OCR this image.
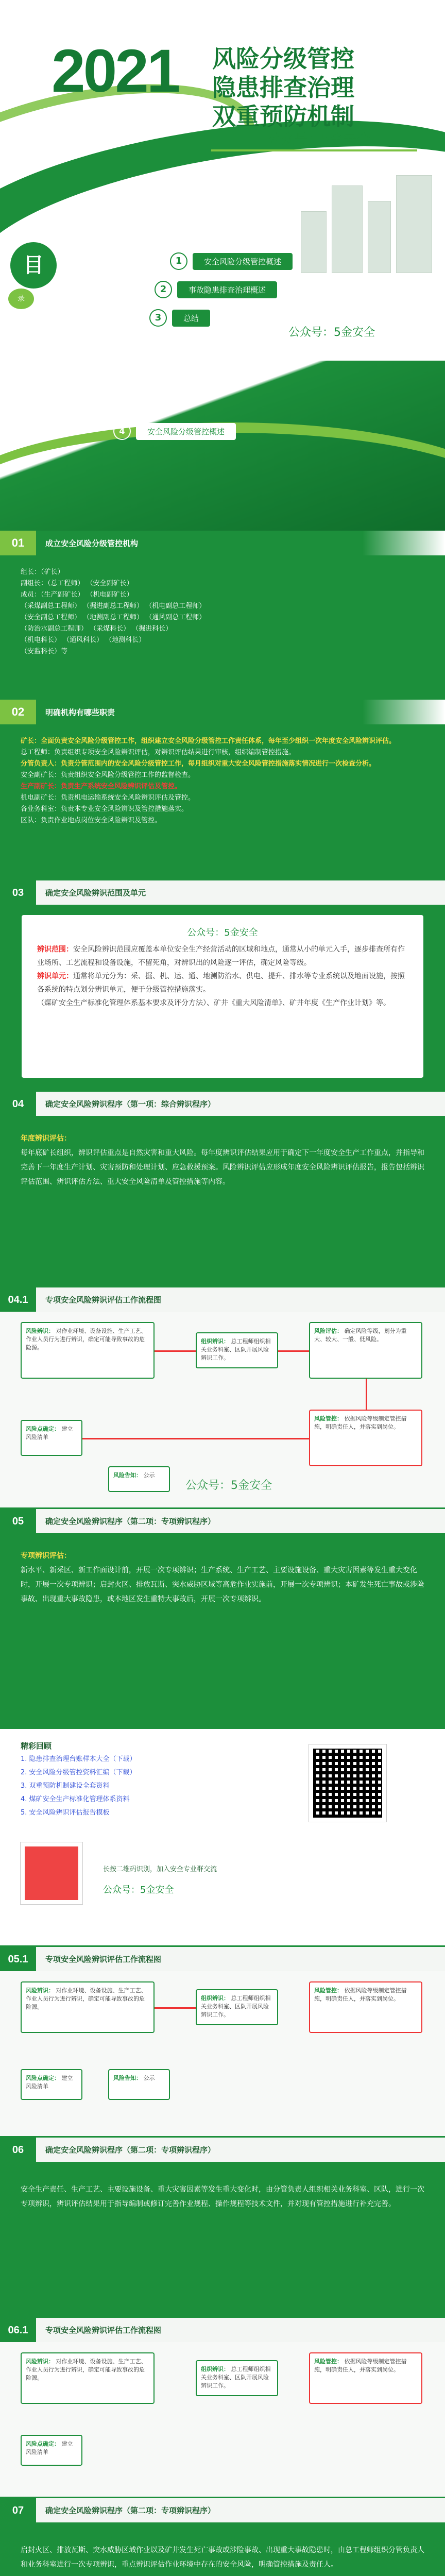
2021 风险分级管控
隐患排查治理
双重预防机制
公众号：5金安全
目
录
1	安全风险分级管控概述
2	事故隐患排查治理概述
3	总结
公众号：5金安全
4	安全风险分级管控概述
01	成立安全风险分级管控机构
组长：（矿长）
副组长：（总工程师） （安全副矿长）
成员：（生产副矿长） （机电副矿长）
（采煤副总工程师） （掘进副总工程师） （机电副总工程师）
（安全副总工程师） （地测副总工程师） （通风副总工程师）
（防治水副总工程师） （采煤科长） （掘进科长）
（机电科长） （通风科长） （地测科长）
（安监科长）等
02	明确机构有哪些职责
矿长：全面负责安全风险分级管控工作，组织建立安全风险分级管控工作责任体系，每年至少组织一次年度安全风险辨识评估。
总工程师：负责组织专项安全风险辨识评估，对辨识评估结果进行审核，组织编制管控措施。
分管负责人：负责分管范围内的安全风险分级管控工作，每月组织对重大安全风险管控措施落实情况进行一次检查分析。
安全副矿长：负责组织安全风险分级管控工作的监督检查。
生产副矿长：负责生产系统安全风险辨识评估及管控。
机电副矿长：负责机电运输系统安全风险辨识评估及管控。
各业务科室：负责本专业安全风险辨识及管控措施落实。
区队：负责作业地点岗位安全风险辨识及管控。
03	确定安全风险辨识范围及单元
公众号：5金安全
辨识范围：安全风险辨识范围应覆盖本单位安全生产经营活动的区域和地点，通常从小的单元入手，逐步排查所有作业场所、工艺流程和设备设施，不留死角，对辨识出的风险逐一评估，确定风险等级。
辨识单元：通常将单元分为：采、掘、机、运、通、地测防治水、供电、提升、排水等专业系统以及地面设施，按照各系统的特点划分辨识单元，便于分级管控措施落实。
（煤矿安全生产标准化管理体系基本要求及评分方法）、矿井《重大风险清单》、矿井年度《生产作业计划》等。
04	确定安全风险辨识程序（第一项：综合辨识程序）
年度辨识评估：
每年底矿长组织，辨识评估重点是自然灾害和重大风险。每年度辨识评估结果应用于确定下一年度安全生产工作重点，并指导和完善下一年度生产计划、灾害预防和处理计划、应急救援预案。风险辨识评估应形成年度安全风险辨识评估报告，报告包括辨识评估范围、辨识评估方法、重大安全风险清单及管控措施等内容。
04.1	专项安全风险辨识评估工作流程图
风险辨识： 对作业环境、设备设施、生产工艺、作业人员行为进行辨识，确定可能导致事故的危险源。
组织辨识： 总工程师组织相关业务科室、区队开展风险辨识工作。
风险评估： 确定风险等级，划分为重大、较大、一般、低风险。
风险管控： 依据风险等级制定管控措施，明确责任人，并落实到岗位。
风险点确定： 建立风险清单
风险告知： 公示
公众号：5金安全
05	确定安全风险辨识程序（第二项：专项辨识程序）
专项辨识评估：
新水平、新采区、新工作面设计前，开展一次专项辨识；生产系统、生产工艺、主要设施设备、重大灾害因素等发生重大变化时，开展一次专项辨识；启封火区、排放瓦斯、突水威胁区域等高危作业实施前，开展一次专项辨识；本矿发生死亡事故或涉险事故、出现重大事故隐患，或本地区发生重特大事故后，开展一次专项辨识。
精彩回顾
1. 隐患排查治理台账样本大全（下载）
2. 安全风险分级管控资料汇编（下载）
3. 双重预防机制建设全套资料
4. 煤矿安全生产标准化管理体系资料
5. 安全风险辨识评估报告模板
长按二维码识别，加入安全专业群交流
公众号：5金安全
05.1	专项安全风险辨识评估工作流程图
风险辨识： 对作业环境、设备设施、生产工艺、作业人员行为进行辨识，确定可能导致事故的危险源。
组织辨识： 总工程师组织相关业务科室、区队开展风险辨识工作。
风险管控： 依据风险等级制定管控措施，明确责任人，并落实到岗位。
风险点确定： 建立风险清单
风险告知： 公示
06	确定安全风险辨识程序（第二项：专项辨识程序）
安全生产责任、生产工艺、主要设施设备、重大灾害因素等发生重大变化时，由分管负责人组织相关业务科室、区队，进行一次专项辨识，辨识评估结果用于指导编制或修订完善作业规程、操作规程等技术文件，并对现有管控措施进行补充完善。
06.1	专项安全风险辨识评估工作流程图
风险辨识： 对作业环境、设备设施、生产工艺、作业人员行为进行辨识，确定可能导致事故的危险源。
组织辨识： 总工程师组织相关业务科室、区队开展风险辨识工作。
风险管控： 依据风险等级制定管控措施，明确责任人，并落实到岗位。
风险点确定： 建立风险清单
07	确定安全风险辨识程序（第二项：专项辨识程序）
启封火区、排放瓦斯、突水威胁区域作业以及矿井发生死亡事故或涉险事故、出现重大事故隐患时，由总工程师组织分管负责人和业务科室进行一次专项辨识，重点辨识评估作业环境中存在的安全风险，明确管控措施及责任人。
